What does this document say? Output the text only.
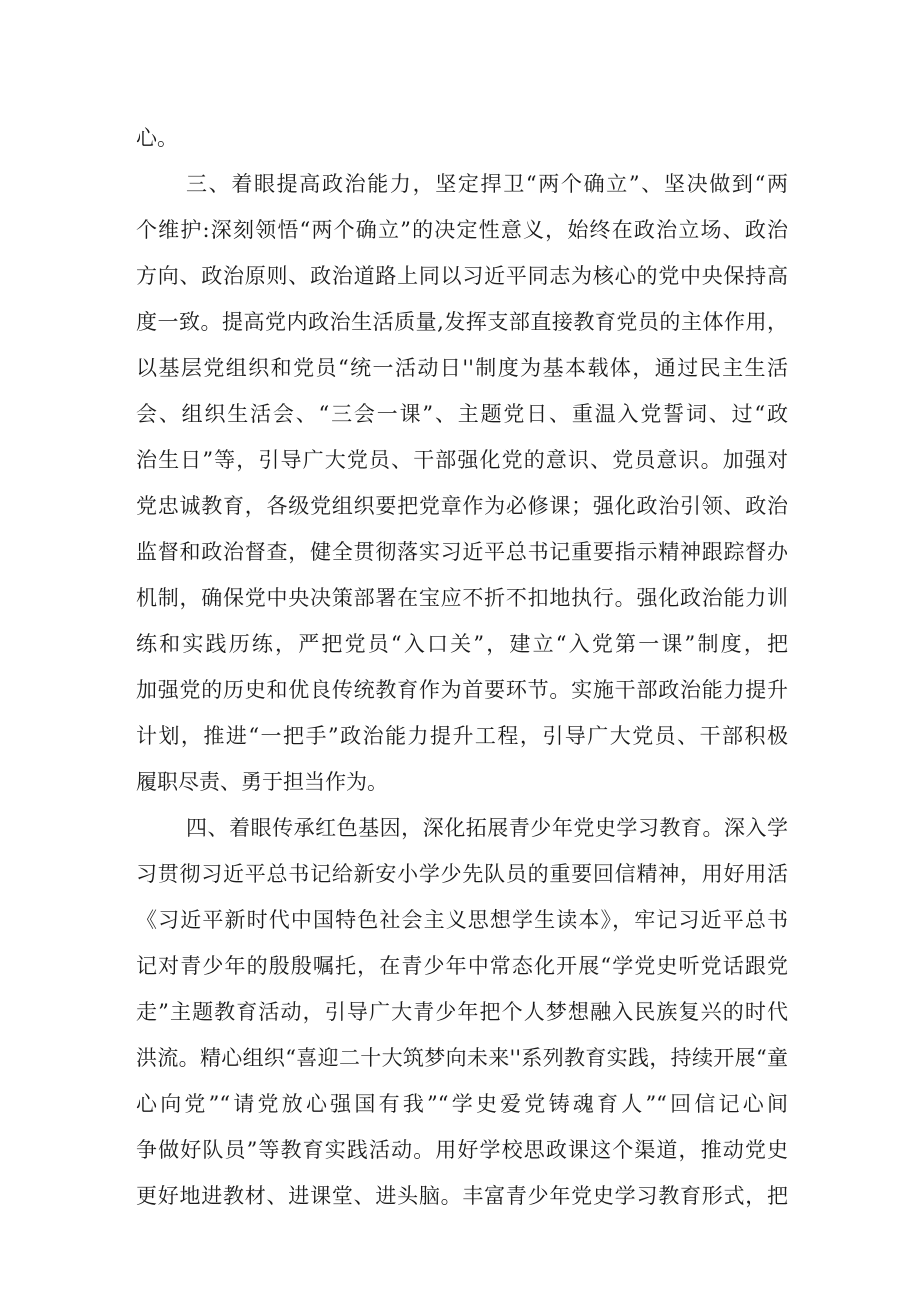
心。
三、着眼提高政治能力，坚定捍卫“两个确立”、坚决做到“两
个维护:深刻领悟“两个确立”的决定性意义，始终在政治立场、政治
方向、政治原则、政治道路上同以习近平同志为核心的党中央保持高
度一致。提高党内政治生活质量,发挥支部直接教育党员的主体作用，
以基层党组织和党员“统一活动日''制度为基本载体，通过民主生活
会、组织生活会、“三会一课”、主题党日、重温入党誓词、过“政
治生日”等，引导广大党员、干部强化党的意识、党员意识。加强对
党忠诚教育，各级党组织要把党章作为必修课；强化政治引领、政治
监督和政治督查，健全贯彻落实习近平总书记重要指示精神跟踪督办
机制，确保党中央决策部署在宝应不折不扣地执行。强化政治能力训
练和实践历练，严把党员“入口关”，建立“入党第一课”制度，把
加强党的历史和优良传统教育作为首要环节。实施干部政治能力提升
计划，推进“一把手”政治能力提升工程，引导广大党员、干部积极
履职尽责、勇于担当作为。
四、着眼传承红色基因，深化拓展青少年党史学习教育。深入学
习贯彻习近平总书记给新安小学少先队员的重要回信精神，用好用活
《习近平新时代中国特色社会主义思想学生读本》，牢记习近平总书
记对青少年的殷殷嘱托，在青少年中常态化开展“学党史听党话跟党
走”主题教育活动，引导广大青少年把个人梦想融入民族复兴的时代
洪流。精心组织“喜迎二十大筑梦向未来''系列教育实践，持续开展“童
心向党”“请党放心强国有我”“学史爱党铸魂育人”“回信记心间
争做好队员”等教育实践活动。用好学校思政课这个渠道，推动党史
更好地进教材、进课堂、进头脑。丰富青少年党史学习教育形式，把
